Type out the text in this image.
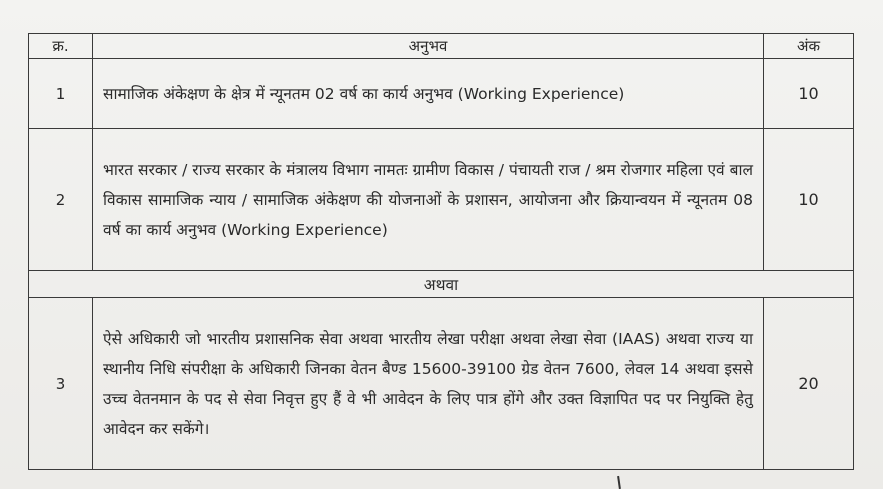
क्र.	अनुभव	अंक
1	सामाजिक अंकेक्षण के क्षेत्र में न्यूनतम 02 वर्ष का कार्य अनुभव (Working Experience)	10
2	भारत सरकार / राज्य सरकार के मंत्रालय विभाग नामतः ग्रामीण विकास / पंचायती राज / श्रम रोजगार महिला एवं बाल विकास सामाजिक न्याय / सामाजिक अंकेक्षण की योजनाओं के प्रशासन, आयोजना और क्रियान्वयन में न्यूनतम 08 वर्ष का कार्य अनुभव (Working Experience)	10
अथवा		
3	ऐसे अधिकारी जो भारतीय प्रशासनिक सेवा अथवा भारतीय लेखा परीक्षा अथवा लेखा सेवा (IAAS) अथवा राज्य या स्थानीय निधि संपरीक्षा के अधिकारी जिनका वेतन बैण्ड 15600-39100 ग्रेड वेतन 7600, लेवल 14 अथवा इससे उच्च वेतनमान के पद से सेवा निवृत्त हुए हैं वे भी आवेदन के लिए पात्र होंगे और उक्त विज्ञापित पद पर नियुक्ति हेतु आवेदन कर सकेंगे।	20
